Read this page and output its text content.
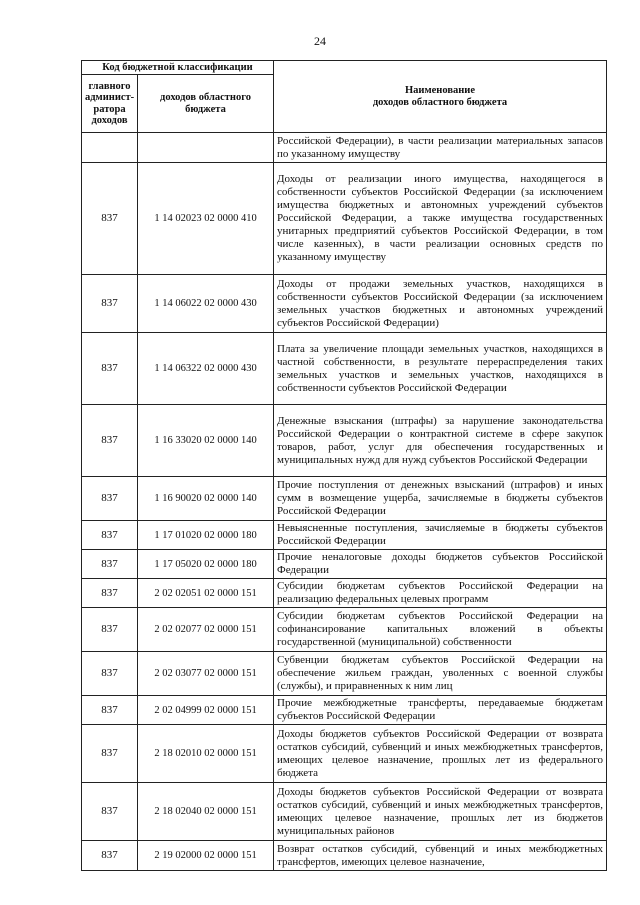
24
Код бюджетной классификации		Наименование
доходов областного бюджета
главного админист-ратора доходов	доходов областного бюджета	
		Российской Федерации), в части реализации материальных запасов по указанному имуществу
837	1 14 02023 02 0000 410	Доходы от реализации иного имущества, находящегося в собственности субъектов Российской Федерации (за исключением имущества бюджетных и автономных учреждений субъектов Российской Федерации, а также имущества государственных унитарных предприятий субъектов Российской Федерации, в том числе казенных), в части реализации основных средств по указанному имуществу
837	1 14 06022 02 0000 430	Доходы от продажи земельных участков, находящихся в собственности субъектов Российской Федерации (за исключением земельных участков бюджетных и автономных учреждений субъектов Российской Федерации)
837	1 14 06322 02 0000 430	Плата за увеличение площади земельных участков, находящихся в частной собственности, в результате перераспределения таких земельных участков и земельных участков, находящихся в собственности субъектов Российской Федерации
837	1 16 33020 02 0000 140	Денежные взыскания (штрафы) за нарушение законодательства Российской Федерации о контрактной системе в сфере закупок товаров, работ, услуг для обеспечения государственных и муниципальных нужд для нужд субъектов Российской Федерации
837	1 16 90020 02 0000 140	Прочие поступления от денежных взысканий (штрафов) и иных сумм в возмещение ущерба, зачисляемые в бюджеты субъектов Российской Федерации
837	1 17 01020 02 0000 180	Невыясненные поступления, зачисляемые в бюджеты субъектов Российской Федерации
837	1 17 05020 02 0000 180	Прочие неналоговые доходы бюджетов субъектов Российской Федерации
837	2 02 02051 02 0000 151	Субсидии бюджетам субъектов Российской Федерации на реализацию федеральных целевых программ
837	2 02 02077 02 0000 151	Субсидии бюджетам субъектов Российской Федерации на софинансирование капитальных вложений в объекты государственной (муниципальной) собственности
837	2 02 03077 02 0000 151	Субвенции бюджетам субъектов Российской Федерации на обеспечение жильем граждан, уволенных с военной службы (службы), и приравненных к ним лиц
837	2 02 04999 02 0000 151	Прочие межбюджетные трансферты, передаваемые бюджетам субъектов Российской Федерации
837	2 18 02010 02 0000 151	Доходы бюджетов субъектов Российской Федерации от возврата остатков субсидий, субвенций и иных межбюджетных трансфертов, имеющих целевое назначение, прошлых лет из федерального бюджета
837	2 18 02040 02 0000 151	Доходы бюджетов субъектов Российской Федерации от возврата остатков субсидий, субвенций и иных межбюджетных трансфертов, имеющих целевое назначение, прошлых лет из бюджетов муниципальных районов
837	2 19 02000 02 0000 151	Возврат остатков субсидий, субвенций и иных межбюджетных трансфертов, имеющих целевое назначение,
